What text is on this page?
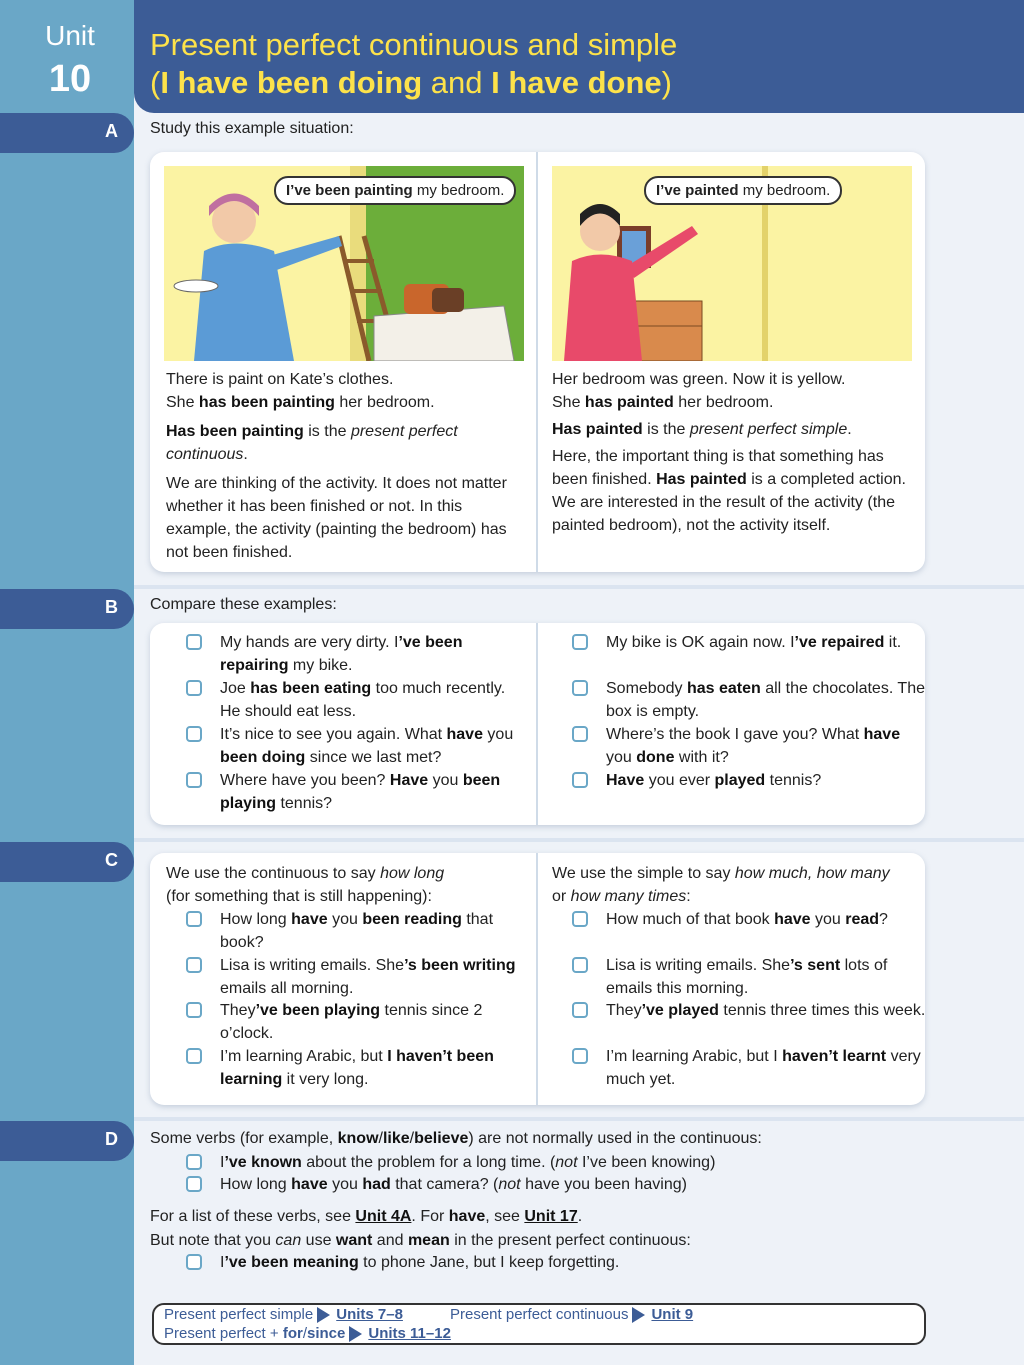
Unit
10
Present perfect continuous and simple
(I have been doing and I have done)
A Study this example situation:
I’ve been painting my bedroom.	I’ve painted my bedroom.
There is paint on Kate’s clothes.
She has been painting her bedroom.
Has been painting is the present perfect continuous.
We are thinking of the activity. It does not matter whether it has been finished or not. In this example, the activity (painting the bedroom) has not been finished.
Her bedroom was green. Now it is yellow.
She has painted her bedroom.
Has painted is the present perfect simple.
Here, the important thing is that something has been finished. Has painted is a completed action. We are interested in the result of the activity (the painted bedroom), not the activity itself.
B Compare these examples:
My hands are very dirty. I’ve been repairing my bike.
Joe has been eating too much recently. He should eat less.
It’s nice to see you again. What have you been doing since we last met?
Where have you been? Have you been playing tennis?
My bike is OK again now. I’ve repaired it.
Somebody has eaten all the chocolates. The box is empty.
Where’s the book I gave you? What have you done with it?
Have you ever played tennis?
C
We use the continuous to say how long
(for something that is still happening):
We use the simple to say how much, how many
or how many times:
How long have you been reading that book?
Lisa is writing emails. She’s been writing emails all morning.
They’ve been playing tennis since 2 o’clock.
I’m learning Arabic, but I haven’t been learning it very long.
How much of that book have you read?
Lisa is writing emails. She’s sent lots of emails this morning.
They’ve played tennis three times this week.
I’m learning Arabic, but I haven’t learnt very much yet.
D Some verbs (for example, know/like/believe) are not normally used in the continuous:
I’ve known about the problem for a long time. (not I’ve been knowing)
How long have you had that camera? (not have you been having)
For a list of these verbs, see Unit 4A. For have, see Unit 17.
But note that you can use want and mean in the present perfect continuous:
I’ve been meaning to phone Jane, but I keep forgetting.
Present perfect simple Units 7–8	Present perfect continuous Unit 9
Present perfect + for/since Units 11–12
